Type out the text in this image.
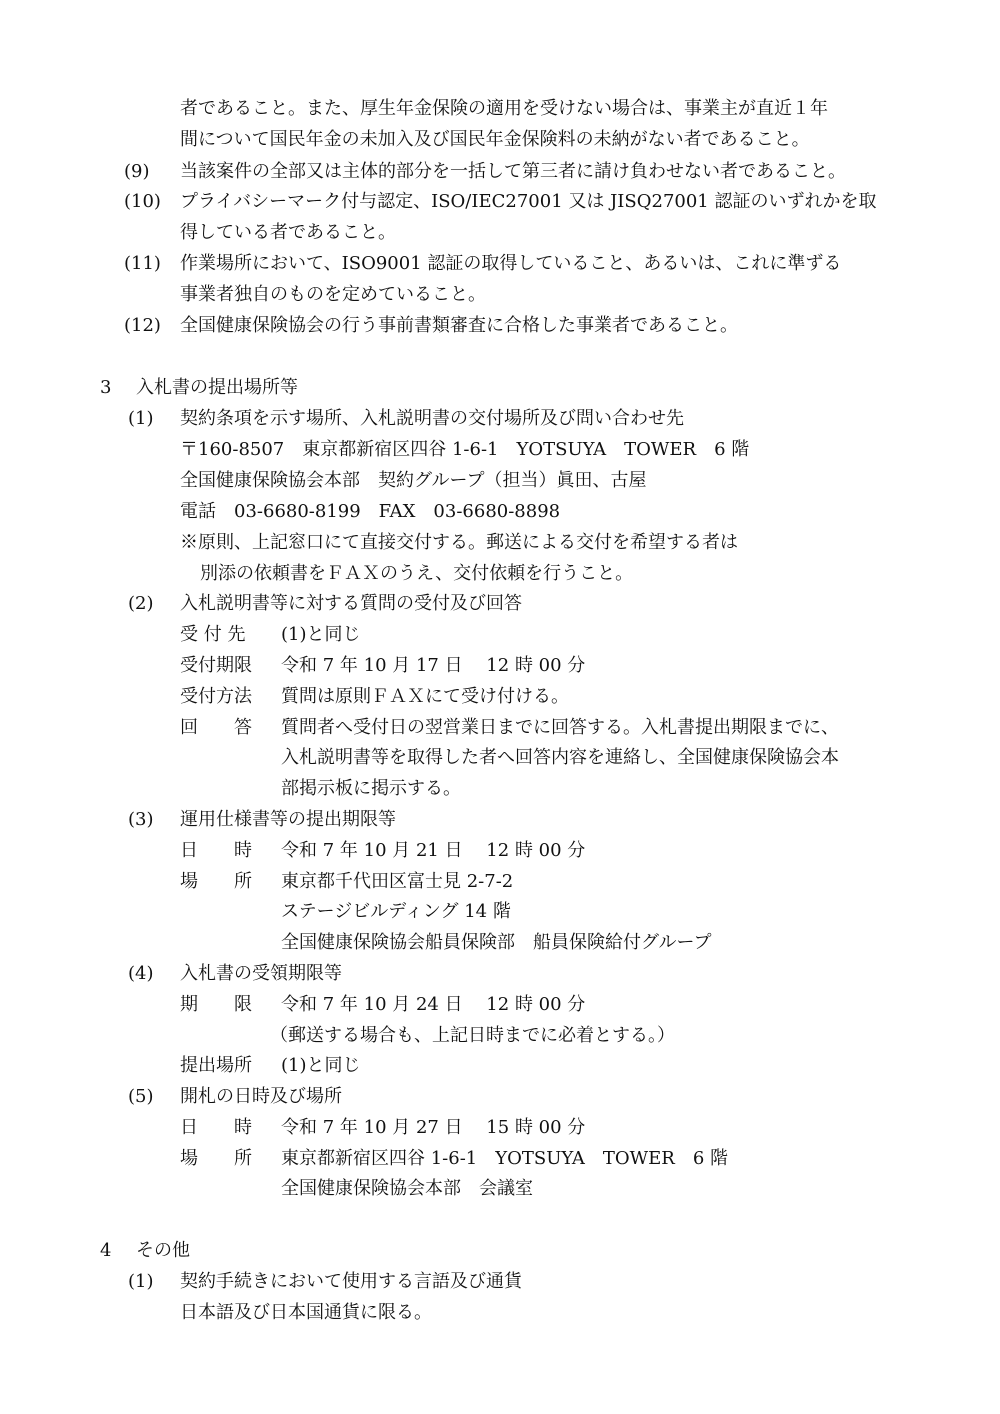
者であること。また、厚生年金保険の適用を受けない場合は、事業主が直近１年
間について国民年金の未加入及び国民年金保険料の未納がない者であること。
(9) 当該案件の全部又は主体的部分を一括して第三者に請け負わせない者であること。
(10) プライバシーマーク付与認定、ISO/IEC27001 又は JISQ27001 認証のいずれかを取
得している者であること。
(11) 作業場所において、ISO9001 認証の取得していること、あるいは、これに準ずる
事業者独自のものを定めていること。
(12) 全国健康保険協会の行う事前書類審査に合格した事業者であること。
3 入札書の提出場所等
(1) 契約条項を示す場所、入札説明書の交付場所及び問い合わせ先
〒160-8507　東京都新宿区四谷 1-6-1　YOTSUYA　TOWER　6 階
全国健康保険協会本部　契約グループ（担当）眞田、古屋
電話　03-6680-8199　FAX　03-6680-8898
※原則、上記窓口にて直接交付する。郵送による交付を希望する者は
別添の依頼書をＦＡＸのうえ、交付依頼を行うこと。
(2) 入札説明書等に対する質問の受付及び回答
受 付 先 (1)と同じ
受付期限 令和 7 年 10 月 17 日　 12 時 00 分
受付方法 質問は原則ＦＡＸにて受け付ける。
回　　答 質問者へ受付日の翌営業日までに回答する。入札書提出期限までに、
入札説明書等を取得した者へ回答内容を連絡し、全国健康保険協会本
部掲示板に掲示する。
(3) 運用仕様書等の提出期限等
日　　時 令和 7 年 10 月 21 日　 12 時 00 分
場　　所 東京都千代田区富士見 2-7-2
ステージビルディング 14 階
全国健康保険協会船員保険部　船員保険給付グループ
(4) 入札書の受領期限等
期　　限 令和 7 年 10 月 24 日　 12 時 00 分
（郵送する場合も、上記日時までに必着とする。）
提出場所 (1)と同じ
(5) 開札の日時及び場所
日　　時 令和 7 年 10 月 27 日　 15 時 00 分
場　　所 東京都新宿区四谷 1-6-1　YOTSUYA　TOWER　6 階
全国健康保険協会本部　会議室
4 その他
(1) 契約手続きにおいて使用する言語及び通貨
日本語及び日本国通貨に限る。
